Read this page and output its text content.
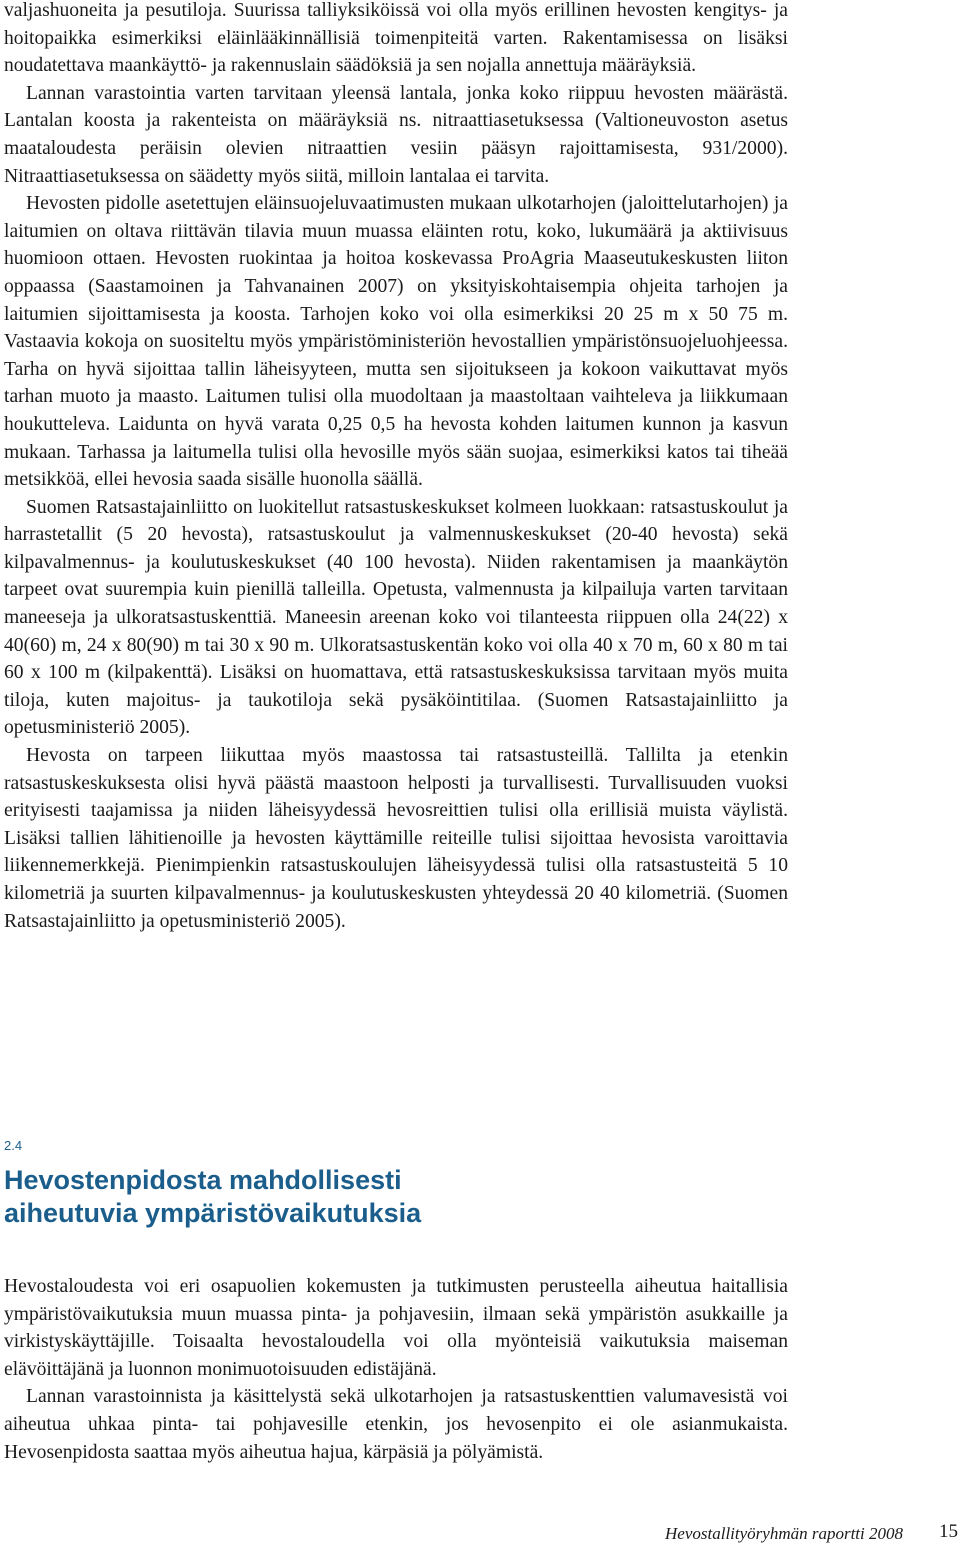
valjashuoneita ja pesutiloja. Suurissa talliyksiköissä voi olla myös erillinen hevosten kengitys- ja hoitopaikka esimerkiksi eläinlääkinnällisiä toimenpiteitä varten. Rakentamisessa on lisäksi noudatettava maankäyttö- ja rakennuslain säädöksiä ja sen nojalla annettuja määräyksiä.

Lannan varastointia varten tarvitaan yleensä lantala, jonka koko riippuu hevosten määrästä. Lantalan koosta ja rakenteista on määräyksiä ns. nitraattiasetuksessa (Valtioneuvoston asetus maataloudesta peräisin olevien nitraattien vesiin pääsyn rajoittamisesta, 931/2000). Nitraattiasetuksessa on säädetty myös siitä, milloin lantalaa ei tarvita.

Hevosten pidolle asetettujen eläinsuojeluvaatimusten mukaan ulkotarhojen (jaloittelutarhojen) ja laitumien on oltava riittävän tilavia muun muassa eläinten rotu, koko, lukumäärä ja aktiivisuus huomioon ottaen. Hevosten ruokintaa ja hoitoa koskevassa ProAgria Maaseutukeskusten liiton oppaassa (Saastamoinen ja Tahvanainen 2007) on yksityiskohtaisempia ohjeita tarhojen ja laitumien sijoittamisesta ja koosta. Tarhojen koko voi olla esimerkiksi 20 25 m x 50 75 m. Vastaavia kokoja on suositeltu myös ympäristöministeriön hevostallien ympäristönsuojeluohjeessa. Tarha on hyvä sijoittaa tallin läheisyyteen, mutta sen sijoitukseen ja kokoon vaikuttavat myös tarhan muoto ja maasto. Laitumen tulisi olla muodoltaan ja maastoltaan vaihteleva ja liikkumaan houkutteleva. Laidunta on hyvä varata 0,25 0,5 ha hevosta kohden laitumen kunnon ja kasvun mukaan. Tarhassa ja laitumella tulisi olla hevosille myös sään suojaa, esimerkiksi katos tai tiheää metsikköä, ellei hevosia saada sisälle huonolla säällä.

Suomen Ratsastajainliitto on luokitellut ratsastuskeskukset kolmeen luokkaan: ratsastuskoulut ja harrastetallit (5 20 hevosta), ratsastuskoulut ja valmennuskeskukset (20-40 hevosta) sekä kilpavalmennus- ja koulutuskeskukset (40 100 hevosta). Niiden rakentamisen ja maankäytön tarpeet ovat suurempia kuin pienillä talleilla. Opetusta, valmennusta ja kilpailuja varten tarvitaan maneeseja ja ulkoratsastuskenttiä. Maneesin areenan koko voi tilanteesta riippuen olla 24(22) x 40(60) m, 24 x 80(90) m tai 30 x 90 m. Ulkoratsastuskentän koko voi olla 40 x 70 m, 60 x 80 m tai 60 x 100 m (kilpakenttä). Lisäksi on huomattava, että ratsastuskeskuksissa tarvitaan myös muita tiloja, kuten majoitus- ja taukotiloja sekä pysäköintitilaa. (Suomen Ratsastajainliitto ja opetusministeriö 2005).

Hevosta on tarpeen liikuttaa myös maastossa tai ratsastusteillä. Tallilta ja etenkin ratsastuskeskuksesta olisi hyvä päästä maastoon helposti ja turvallisesti. Turvallisuuden vuoksi erityisesti taajamissa ja niiden läheisyydessä hevosreittien tulisi olla erillisiä muista väylistä. Lisäksi tallien lähitienoille ja hevosten käyttämille reiteille tulisi sijoittaa hevosista varoittavia liikennemerkkejä. Pienimpienkin ratsastuskoulujen läheisyydessä tulisi olla ratsastusteitä 5 10 kilometriä ja suurten kilpavalmennus- ja koulutuskeskusten yhteydessä 20 40 kilometriä. (Suomen Ratsastajainliitto ja opetusministeriö 2005).

2.4

Hevostenpidosta mahdollisesti
aiheutuvia ympäristövaikutuksia

Hevostaloudesta voi eri osapuolien kokemusten ja tutkimusten perusteella aiheutua haitallisia ympäristövaikutuksia muun muassa pinta- ja pohjavesiin, ilmaan sekä ympäristön asukkaille ja virkistyskäyttäjille. Toisaalta hevostaloudella voi olla myönteisiä vaikutuksia maiseman elävöittäjänä ja luonnon monimuotoisuuden edistäjänä.

Lannan varastoinnista ja käsittelystä sekä ulkotarhojen ja ratsastuskenttien valumavesistä voi aiheutua uhkaa pinta- tai pohjavesille etenkin, jos hevosenpito ei ole asianmukaista. Hevosenpidosta saattaa myös aiheutua hajua, kärpäsiä ja pölyämistä.

Hevostallityöryhmän raportti 2008 15
